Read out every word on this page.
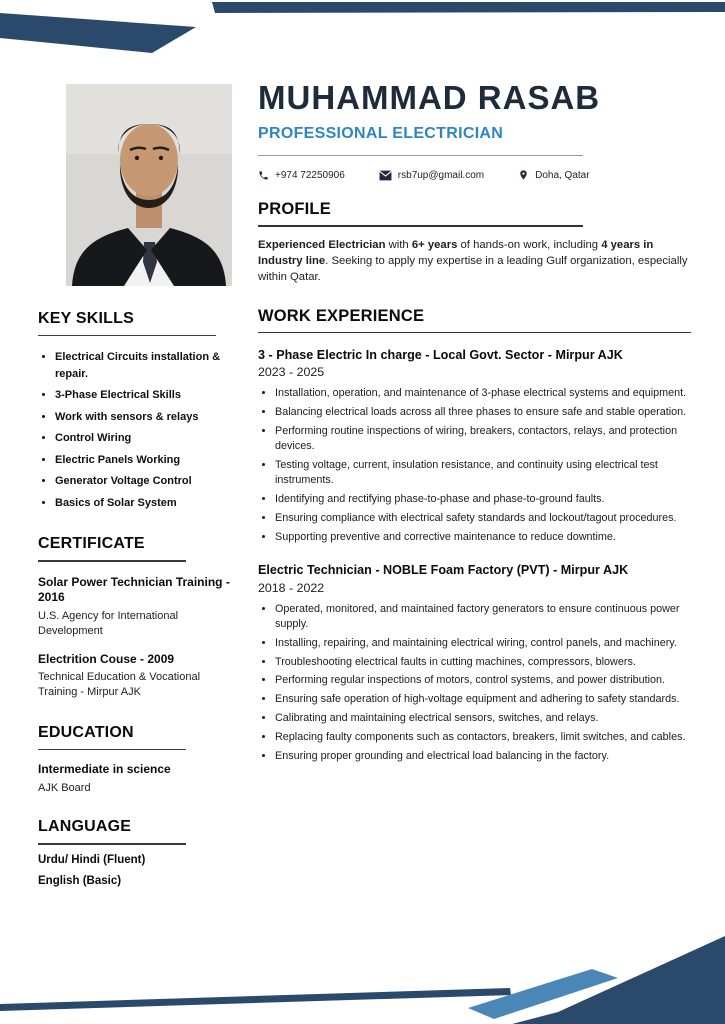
KEY SKILLS
• Electrical Circuits installation & repair.
• 3-Phase Electrical Skills
• Work with sensors & relays
• Control Wiring
• Electric Panels Working
• Generator Voltage Control
• Basics of Solar System
CERTIFICATE
Solar Power Technician Training - 2016
U.S. Agency for International Development
Electrition Couse - 2009
Technical Education & Vocational Training - Mirpur AJK
EDUCATION
Intermediate in science
AJK Board
LANGUAGE
Urdu/ Hindi (Fluent)
English (Basic)
MUHAMMAD RASAB
PROFESSIONAL ELECTRICIAN
+974 72250906	rsb7up@gmail.com	Doha, Qatar
PROFILE

Experienced Electrician with 6+ years of hands-on work, including 4 years in Industry line. Seeking to apply my expertise in a leading Gulf organization, especially within Qatar.

WORK EXPERIENCE
3 - Phase Electric In charge - Local Govt. Sector - Mirpur AJK
2023 - 2025
• Installation, operation, and maintenance of 3-phase electrical systems and equipment.
• Balancing electrical loads across all three phases to ensure safe and stable operation.
• Performing routine inspections of wiring, breakers, contactors, relays, and protection devices.
• Testing voltage, current, insulation resistance, and continuity using electrical test instruments.
• Identifying and rectifying phase-to-phase and phase-to-ground faults.
• Ensuring compliance with electrical safety standards and lockout/tagout procedures.
• Supporting preventive and corrective maintenance to reduce downtime.
Electric Technician - NOBLE Foam Factory (PVT) - Mirpur AJK
2018 - 2022
• Operated, monitored, and maintained factory generators to ensure continuous power supply.
• Installing, repairing, and maintaining electrical wiring, control panels, and machinery.
• Troubleshooting electrical faults in cutting machines, compressors, blowers.
• Performing regular inspections of motors, control systems, and power distribution.
• Ensuring safe operation of high-voltage equipment and adhering to safety standards.
• Calibrating and maintaining electrical sensors, switches, and relays.
• Replacing faulty components such as contactors, breakers, limit switches, and cables.
• Ensuring proper grounding and electrical load balancing in the factory.
